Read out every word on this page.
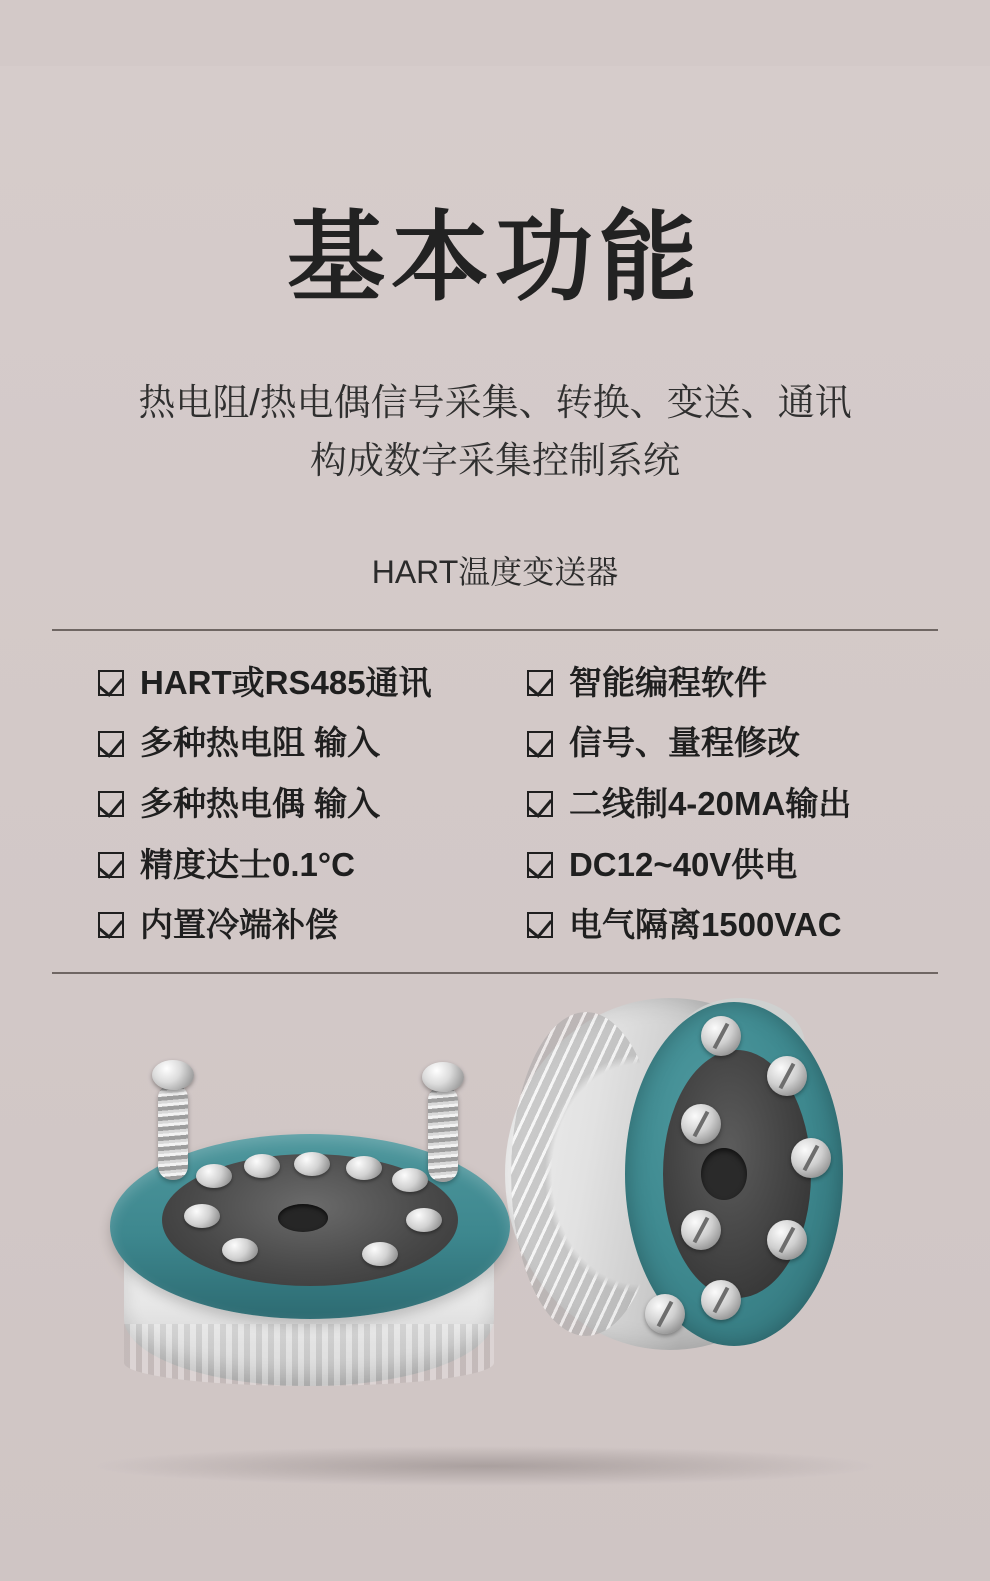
基本功能
热电阻/热电偶信号采集、转换、变送、通讯
构成数字采集控制系统
HART温度变送器
HART或RS485通讯
多种热电阻 输入
多种热电偶 输入
精度达士0.1°C
内置冷端补偿
智能编程软件
信号、量程修改
二线制4-20MA输出
DC12~40V供电
电气隔离1500VAC
